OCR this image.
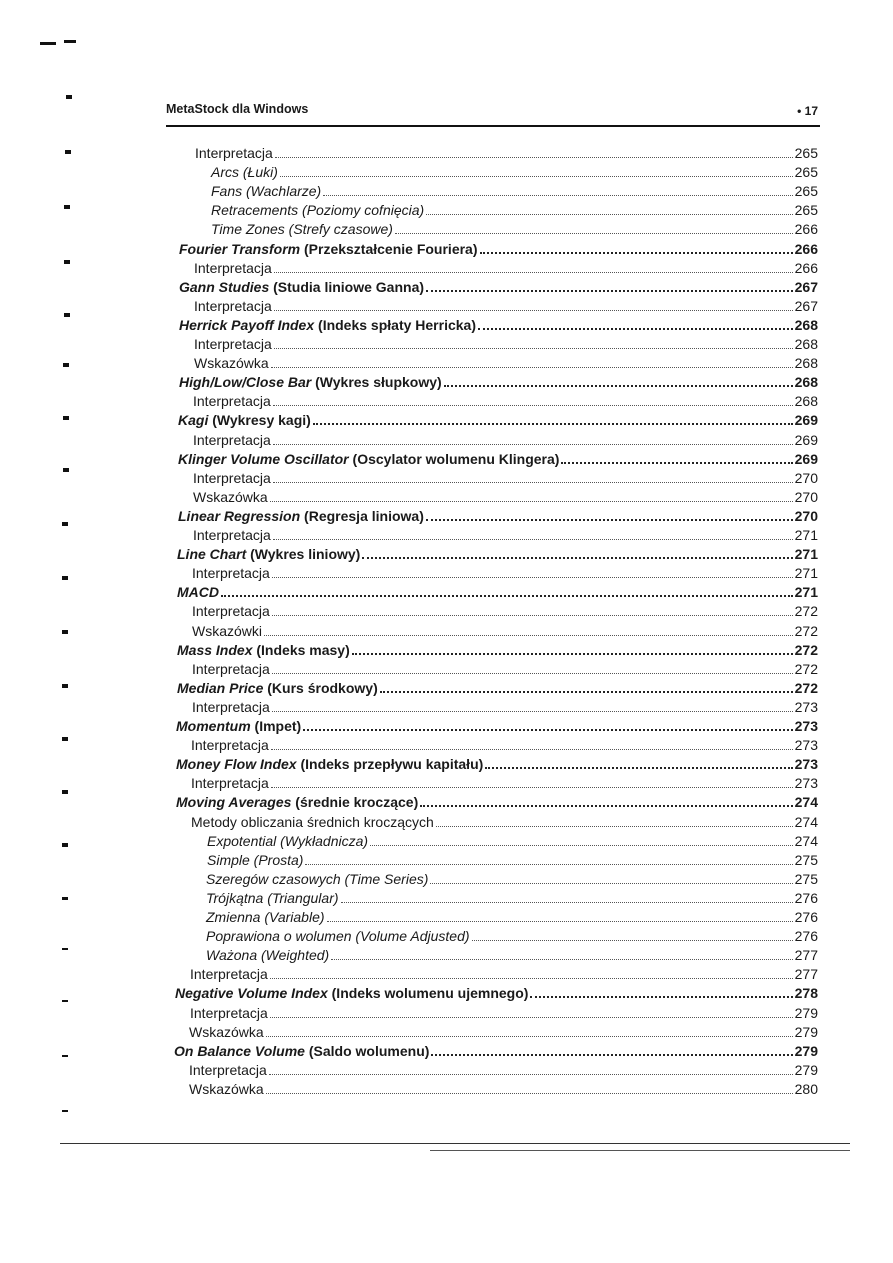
MetaStock dla Windows	• 17
Interpretacja	265
Arcs (Łuki)	265
Fans (Wachlarze)	265
Retracements (Poziomy cofnięcia)	265
Time Zones (Strefy czasowe)	266
Fourier Transform (Przekształcenie Fouriera)	266
Interpretacja	266
Gann Studies (Studia liniowe Ganna)	267
Interpretacja	267
Herrick Payoff Index (Indeks spłaty Herricka)	268
Interpretacja	268
Wskazówka	268
High/Low/Close Bar (Wykres słupkowy)	268
Interpretacja	268
Kagi (Wykresy kagi)	269
Interpretacja	269
Klinger Volume Oscillator (Oscylator wolumenu Klingera)	269
Interpretacja	270
Wskazówka	270
Linear Regression (Regresja liniowa)	270
Interpretacja	271
Line Chart (Wykres liniowy)	271
Interpretacja	271
MACD	271
Interpretacja	272
Wskazówki	272
Mass Index (Indeks masy)	272
Interpretacja	272
Median Price (Kurs środkowy)	272
Interpretacja	273
Momentum (Impet)	273
Interpretacja	273
Money Flow Index (Indeks przepływu kapitału)	273
Interpretacja	273
Moving Averages (średnie kroczące)	274
Metody obliczania średnich kroczących	274
Expotential (Wykładnicza)	274
Simple (Prosta)	275
Szeregów czasowych (Time Series)	275
Trójkątna (Triangular)	276
Zmienna (Variable)	276
Poprawiona o wolumen (Volume Adjusted)	276
Ważona (Weighted)	277
Interpretacja	277
Negative Volume Index (Indeks wolumenu ujemnego)	278
Interpretacja	279
Wskazówka	279
On Balance Volume (Saldo wolumenu)	279
Interpretacja	279
Wskazówka	280
